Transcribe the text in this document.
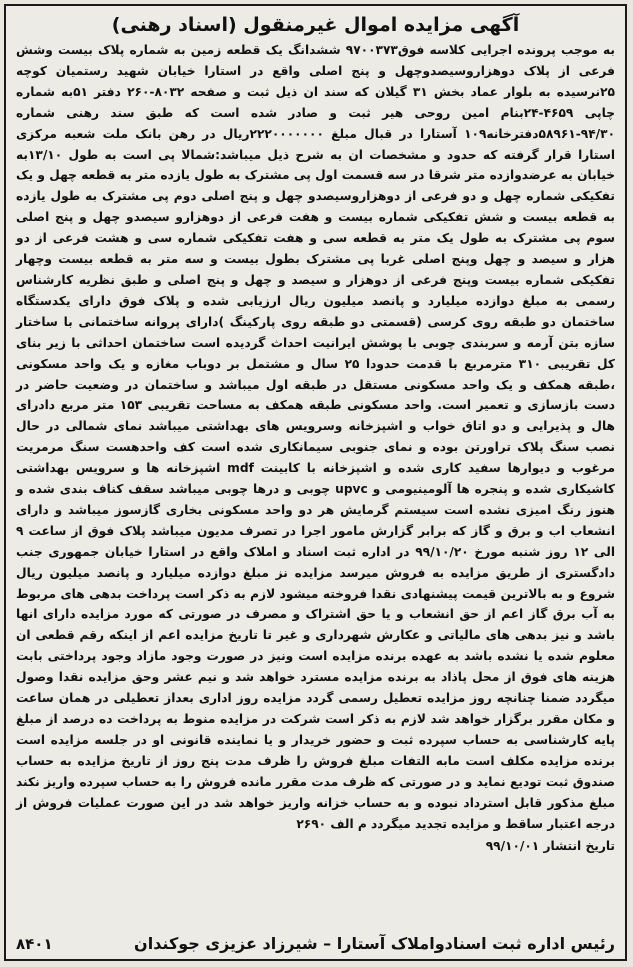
آگهی مزایده اموال غیرمنقول (اسناد رهنی)

به موجب پرونده اجرایی کلاسه فوق۹۷۰۰۳۷۳ ششدانگ یک قطعه زمین به شماره پلاک بیست وشش فرعی از پلاک دوهزاروسیصدوچهل و پنج اصلی واقع در استارا خیابان شهید رستمیان کوچه ۲۵نرسیده به بلوار عماد بخش ۳۱ گیلان که سند ان ذیل ثبت و صفحه ۸۰۳۲-۲۶۰ دفتر ۵۱به شماره چاپی ۴۶۵۹-۲۴بنام امین روحی هیر ثبت و صادر شده است که طبق سند رهنی شماره ۹۴/۳۰-۵۸۹۶۱دفترخانه۱۰۹ آستارا در قبال مبلغ ۲۲۲۰۰۰۰۰۰۰ریال در رهن بانک ملت شعبه مرکزی استارا قرار گرفته که حدود و مشخصات ان به شرح ذیل میباشد:شمالا پی است به طول ۱۳/۱۰به خیابان به عرضدوازده متر شرقا در سه قسمت اول پی مشترک به طول یازده متر به قطعه چهل و یک تفکیکی شماره چهل و دو فرعی از دوهزاروسیصدو چهل و پنج اصلی دوم پی مشترک به طول یازده به قطعه بیست و شش تفکیکی شماره بیست و هفت فرعی از دوهزارو سیصدو چهل و پنج اصلی سوم پی مشترک به طول یک متر به قطعه سی و هفت تفکیکی شماره سی و هشت فرعی از دو هزار و سیصد و چهل وپنج اصلی غربا پی مشترک بطول بیست و سه متر به قطعه بیست وچهار تفکیکی شماره بیست وپنج فرعی از دوهزار و سیصد و چهل و پنج اصلی و طبق نظریه کارشناس رسمی به مبلغ دوازده میلیارد و پانصد میلیون ریال ارزیابی شده و پلاک فوق دارای یکدستگاه ساختمان دو طبقه روی کرسی (قسمتی دو طبقه روی پارکینگ )دارای پروانه ساختمانی با ساختار سازه بتن آرمه و سربندی چوبی با پوشش ایرانیت احداث گردیده است ساختمان احداثی با زیر بنای کل تقریبی ۳۱۰ مترمربع با قدمت حدودا ۲۵ سال و مشتمل بر دوباب مغازه و یک واحد مسکونی ،طبقه همکف و یک واحد مسکونی مستقل در طبقه اول میباشد و ساختمان در وضعیت حاضر در دست بازسازی و تعمیر است. واحد مسکونی طبقه همکف به مساحت تقریبی ۱۵۳ متر مربع دادرای هال و پذیرایی و دو اتاق خواب و اشپزخانه وسرویس های بهداشتی میباشد نمای شمالی در حال نصب سنگ پلاک تراورتن بوده و نمای جنوبی سیمانکاری شده است کف واحدهست سنگ مرمریت مرغوب و دیوارها سفید کاری شده و اشپزخانه با کابینت mdf اشپزخانه ها و سرویس بهداشتی کاشیکاری شده و پنجره ها آلومینیومی و upvc چوبی و درها چوبی میباشد سقف کناف بندی شده و هنوز رنگ امیزی نشده است سیستم گرمایش هر دو واحد مسکونی بخاری گازسوز میباشد و دارای انشعاب اب و برق و گاز که برابر گزارش مامور اجرا در تصرف مدیون میباشد پلاک فوق از ساعت ۹ الی ۱۲ روز شنبه مورخ ۹۹/۱۰/۲۰ در اداره ثبت اسناد و املاک واقع در استارا خیابان جمهوری جنب دادگستری از طریق مزایده به فروش میرسد مزایده نز مبلغ دوازده میلیارد و پانصد میلیون ریال شروع و به بالاترین قیمت پیشنهادی نقدا فروخته میشود لازم به ذکر است پرداخت بدهی های مربوط به آب برق گاز اعم از حق انشعاب و یا حق اشتراک و مصرف در صورتی که مورد مزایده دارای انها باشد و نیز بدهی های مالیاتی و عکارش شهرداری و غیر تا تاریخ مزایده اعم از اینکه رقم قطعی ان معلوم شده یا نشده باشد به عهده برنده مزایده است ونیز در صورت وجود مازاد وجود پرداختی بابت هزینه های فوق از محل پاذاد به برنده مزایده مسترد خواهد شد و نیم عشر وحق مزایده نقدا وصول میگردد ضمنا چنانچه روز مزایده تعطیل رسمی گردد مزایده روز اداری بعداز تعطیلی در همان ساعت و مکان مقرر برگزار خواهد شد لازم به ذکر است شرکت در مزایده منوط به پرداخت ده درصد از مبلغ پایه کارشناسی به حساب سپرده ثبت و حضور خریدار و یا نماینده قانونی او در جلسه مزایده است برنده مزایده مکلف است مابه التفات مبلغ فروش را ظرف مدت پنج روز از تاریخ مزایده به حساب صندوق ثبت تودیع نماید و در صورتی که ظرف مدت مقرر مانده فروش را به حساب سپرده واریز نکند مبلغ مذکور قابل استرداد نبوده و به حساب خزانه واریز خواهد شد در این صورت عملیات فروش از درجه اعتبار ساقط و مزایده تجدید میگردد م الف ۲۶۹۰

تاریخ انتشار ۹۹/۱۰/۰۱
رئیس اداره ثبت اسنادواملاک آستارا – شیرزاد عزیزی جوکندان
۸۴۰۱
